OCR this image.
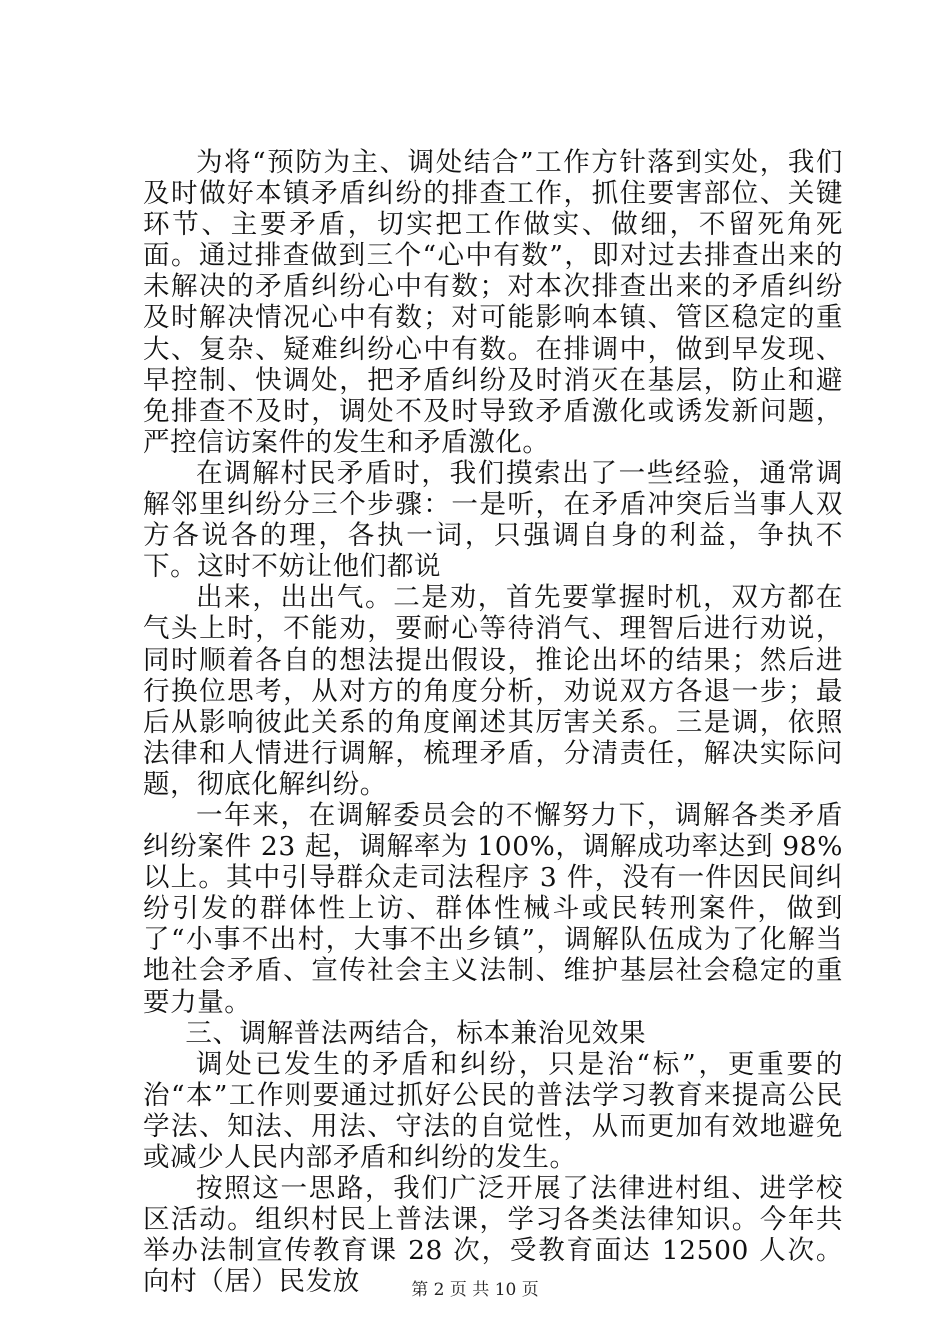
为将“预防为主、调处结合”工作方针落到实处，我们及时做好本镇矛盾纠纷的排查工作，抓住要害部位、关键环节、主要矛盾，切实把工作做实、做细，不留死角死面。通过排查做到三个“心中有数”，即对过去排查出来的未解决的矛盾纠纷心中有数；对本次排查出来的矛盾纠纷及时解决情况心中有数；对可能影响本镇、管区稳定的重大、复杂、疑难纠纷心中有数。在排调中，做到早发现、早控制、快调处，把矛盾纠纷及时消灭在基层，防止和避免排查不及时，调处不及时导致矛盾激化或诱发新问题，严控信访案件的发生和矛盾激化。

在调解村民矛盾时，我们摸索出了一些经验，通常调解邻里纠纷分三个步骤：一是听，在矛盾冲突后当事人双方各说各的理，各执一词，只强调自身的利益，争执不下。这时不妨让他们都说

出来，出出气。二是劝，首先要掌握时机，双方都在气头上时，不能劝，要耐心等待消气、理智后进行劝说，同时顺着各自的想法提出假设，推论出坏的结果；然后进行换位思考，从对方的角度分析，劝说双方各退一步；最后从影响彼此关系的角度阐述其厉害关系。三是调，依照法律和人情进行调解，梳理矛盾，分清责任，解决实际问题，彻底化解纠纷。

一年来，在调解委员会的不懈努力下，调解各类矛盾纠纷案件 23 起，调解率为 100%，调解成功率达到 98%以上。其中引导群众走司法程序 3 件，没有一件因民间纠纷引发的群体性上访、群体性械斗或民转刑案件，做到了“小事不出村，大事不出乡镇”，调解队伍成为了化解当地社会矛盾、宣传社会主义法制、维护基层社会稳定的重要力量。

三、调解普法两结合，标本兼治见效果

调处已发生的矛盾和纠纷，只是治“标”，更重要的治“本”工作则要通过抓好公民的普法学习教育来提高公民学法、知法、用法、守法的自觉性，从而更加有效地避免或减少人民内部矛盾和纠纷的发生。

按照这一思路，我们广泛开展了法律进村组、进学校区活动。组织村民上普法课，学习各类法律知识。今年共举办法制宣传教育课 28 次，受教育面达 12500 人次。向村（居）民发放	第 2 页 共 10 页
